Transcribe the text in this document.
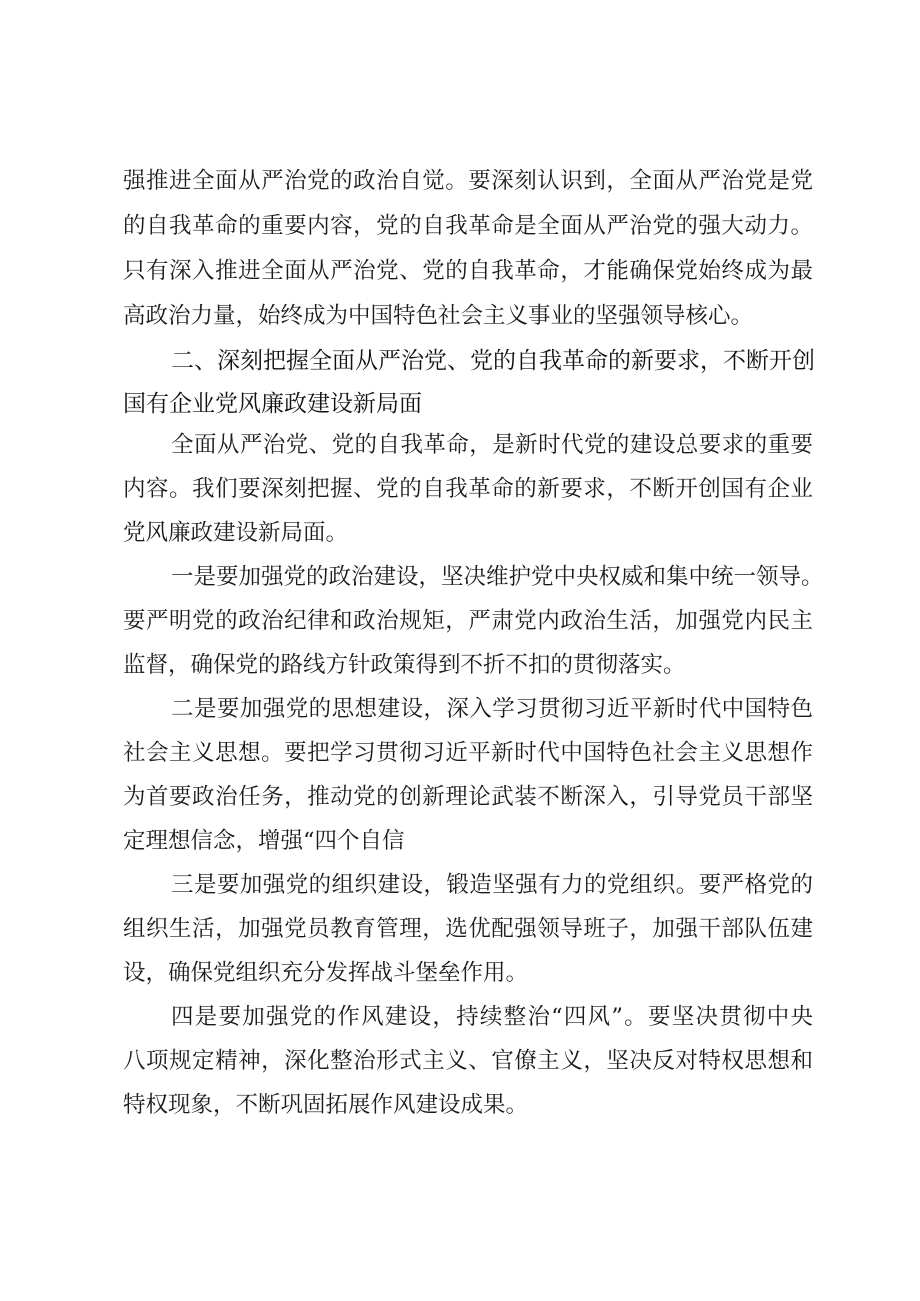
强推进全面从严治党的政治自觉。要深刻认识到，全面从严治党是党
的自我革命的重要内容，党的自我革命是全面从严治党的强大动力。
只有深入推进全面从严治党、党的自我革命，才能确保党始终成为最
高政治力量，始终成为中国特色社会主义事业的坚强领导核心。
二、深刻把握全面从严治党、党的自我革命的新要求，不断开创
国有企业党风廉政建设新局面
全面从严治党、党的自我革命，是新时代党的建设总要求的重要
内容。我们要深刻把握、党的自我革命的新要求，不断开创国有企业
党风廉政建设新局面。
一是要加强党的政治建设，坚决维护党中央权威和集中统一领导。
要严明党的政治纪律和政治规矩，严肃党内政治生活，加强党内民主
监督，确保党的路线方针政策得到不折不扣的贯彻落实。
二是要加强党的思想建设，深入学习贯彻习近平新时代中国特色
社会主义思想。要把学习贯彻习近平新时代中国特色社会主义思想作
为首要政治任务，推动党的创新理论武装不断深入，引导党员干部坚
定理想信念，增强“四个自信
三是要加强党的组织建设，锻造坚强有力的党组织。要严格党的
组织生活，加强党员教育管理，选优配强领导班子，加强干部队伍建
设，确保党组织充分发挥战斗堡垒作用。
四是要加强党的作风建设，持续整治“四风”。要坚决贯彻中央
八项规定精神，深化整治形式主义、官僚主义，坚决反对特权思想和
特权现象，不断巩固拓展作风建设成果。
